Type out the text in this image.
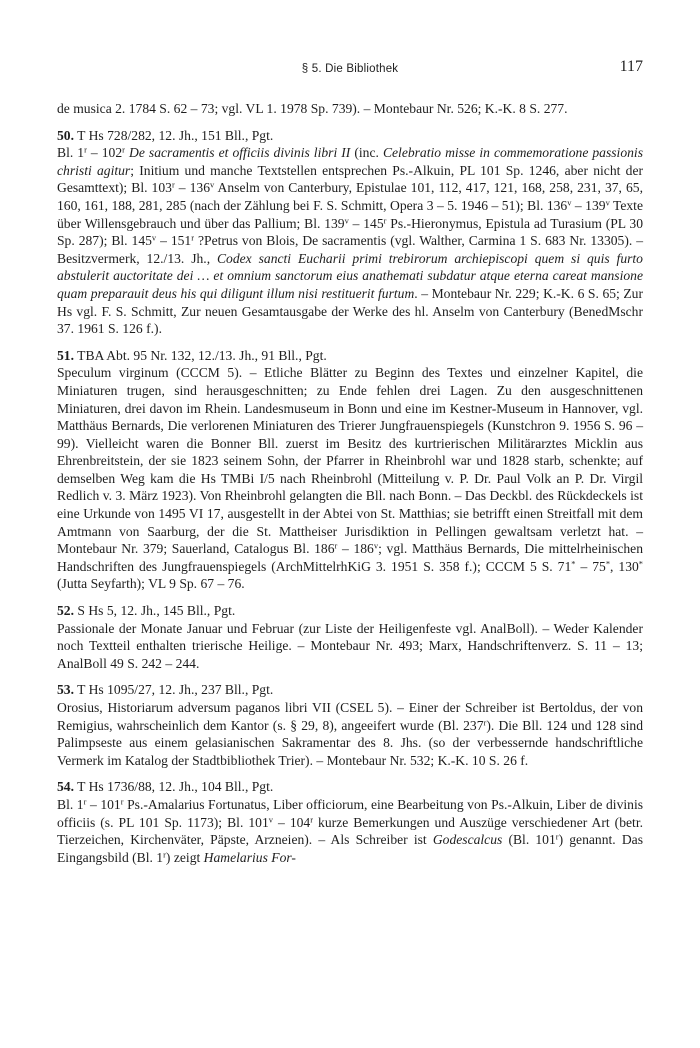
§ 5. Die Bibliothek	117

de musica 2. 1784 S. 62 – 73; vgl. VL 1. 1978 Sp. 739). – Montebaur Nr. 526; K.-K. 8 S. 277.

50. T Hs 728/282, 12. Jh., 151 Bll., Pgt.

Bl. 1$^r$ – 102$^r$ De sacramentis et officiis divinis libri II (inc. Celebratio misse in commemoratione passionis christi agitur; Initium und manche Textstellen entsprechen Ps.-Alkuin, PL 101 Sp. 1246, aber nicht der Gesamttext); Bl. 103$^r$ – 136$^v$ Anselm von Canterbury, Epistulae 101, 112, 417, 121, 168, 258, 231, 37, 65, 160, 161, 188, 281, 285 (nach der Zählung bei F. S. Schmitt, Opera 3 – 5. 1946 – 51); Bl. 136$^v$ – 139$^v$ Texte über Willensgebrauch und über das Pallium; Bl. 139$^v$ – 145$^r$ Ps.-Hieronymus, Epistula ad Turasium (PL 30 Sp. 287); Bl. 145$^v$ – 151$^r$ ?Petrus von Blois, De sacramentis (vgl. Walther, Carmina 1 S. 683 Nr. 13305). – Besitzvermerk, 12./13. Jh., Codex sancti Eucharii primi trebirorum archiepiscopi quem si quis furto abstulerit auctoritate dei … et omnium sanctorum eius anathemati subdatur atque eterna careat mansione quam preparauit deus his qui diligunt illum nisi restituerit furtum. – Montebaur Nr. 229; K.-K. 6 S. 65; Zur Hs vgl. F. S. Schmitt, Zur neuen Gesamtausgabe der Werke des hl. Anselm von Canterbury (BenedMschr 37. 1961 S. 126 f.).

51. TBA Abt. 95 Nr. 132, 12./13. Jh., 91 Bll., Pgt.

Speculum virginum (CCCM 5). – Etliche Blätter zu Beginn des Textes und einzelner Kapitel, die Miniaturen trugen, sind herausgeschnitten; zu Ende fehlen drei Lagen. Zu den ausgeschnittenen Miniaturen, drei davon im Rhein. Landesmuseum in Bonn und eine im Kestner-Museum in Hannover, vgl. Matthäus Bernards, Die verlorenen Miniaturen des Trierer Jungfrauenspiegels (Kunstchron 9. 1956 S. 96 – 99). Vielleicht waren die Bonner Bll. zuerst im Besitz des kurtrierischen Militärarztes Micklin aus Ehrenbreitstein, der sie 1823 seinem Sohn, der Pfarrer in Rheinbrohl war und 1828 starb, schenkte; auf demselben Weg kam die Hs TMBi I/5 nach Rheinbrohl (Mitteilung v. P. Dr. Paul Volk an P. Dr. Virgil Redlich v. 3. März 1923). Von Rheinbrohl gelangten die Bll. nach Bonn. – Das Deckbl. des Rückdeckels ist eine Urkunde von 1495 VI 17, ausgestellt in der Abtei von St. Matthias; sie betrifft einen Streitfall mit dem Amtmann von Saarburg, der die St. Mattheiser Jurisdiktion in Pellingen gewaltsam verletzt hat. – Montebaur Nr. 379; Sauerland, Catalogus Bl. 186$^r$ – 186$^v$; vgl. Matthäus Bernards, Die mittelrheinischen Handschriften des Jungfrauenspiegels (ArchMittelrhKiG 3. 1951 S. 358 f.); CCCM 5 S. 71* – 75*, 130* (Jutta Seyfarth); VL 9 Sp. 67 – 76.

52. S Hs 5, 12. Jh., 145 Bll., Pgt.

Passionale der Monate Januar und Februar (zur Liste der Heiligenfeste vgl. AnalBoll). – Weder Kalender noch Textteil enthalten trierische Heilige. – Montebaur Nr. 493; Marx, Handschriftenverz. S. 11 – 13; AnalBoll 49 S. 242 – 244.

53. T Hs 1095/27, 12. Jh., 237 Bll., Pgt.

Orosius, Historiarum adversum paganos libri VII (CSEL 5). – Einer der Schreiber ist Bertoldus, der von Remigius, wahrscheinlich dem Kantor (s. § 29, 8), angeeifert wurde (Bl. 237$^r$). Die Bll. 124 und 128 sind Palimpseste aus einem gelasianischen Sakramentar des 8. Jhs. (so der verbessernde handschriftliche Vermerk im Katalog der Stadtbibliothek Trier). – Montebaur Nr. 532; K.-K. 10 S. 26 f.

54. T Hs 1736/88, 12. Jh., 104 Bll., Pgt.

Bl. 1$^r$ – 101$^r$ Ps.-Amalarius Fortunatus, Liber officiorum, eine Bearbeitung von Ps.-Alkuin, Liber de divinis officiis (s. PL 101 Sp. 1173); Bl. 101$^v$ – 104$^r$ kurze Bemerkungen und Auszüge verschiedener Art (betr. Tierzeichen, Kirchenväter, Päpste, Arzneien). – Als Schreiber ist Godescalcus (Bl. 101$^r$) genannt. Das Eingangsbild (Bl. 1$^r$) zeigt Hamelarius For-
